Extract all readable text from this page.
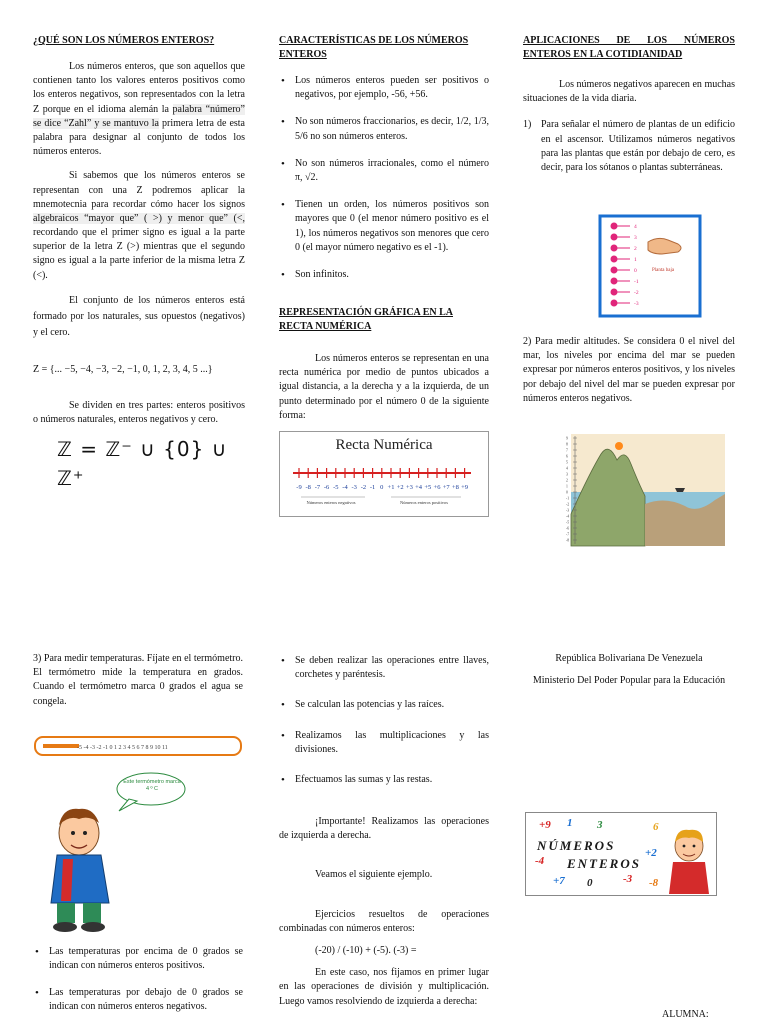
¿QUÉ SON LOS NÚMEROS ENTEROS?

Los números enteros, que son aquellos que contienen tanto los valores enteros positivos como los enteros negativos, son representados con la letra Z porque en el idioma alemán la palabra “número” se dice “Zahl” y se mantuvo la primera letra de esta palabra para designar al conjunto de todos los números enteros.

Si sabemos que los números enteros se representan con una Z podremos aplicar la mnemotecnia para recordar cómo hacer los signos algebraicos “mayor que” ( >) y menor que” (<, recordando que el primer signo es igual a la parte superior de la letra Z (>) mientras que el segundo signo es igual a la parte inferior de la misma letra Z (<).

El conjunto de los números enteros está formado por los naturales, sus opuestos (negativos) y el cero.

Z = {... −5, −4, −3, −2, −1, 0, 1, 2, 3, 4, 5 ...}

Se dividen en tres partes: enteros positivos o números naturales, enteros negativos y cero.

ℤ = ℤ⁻ ∪ {0} ∪ ℤ⁺
CARACTERÍSTICAS DE LOS NÚMEROS ENTEROS
• Los números enteros pueden ser positivos o negativos, por ejemplo, -56, +56.
• No son números fraccionarios, es decir, 1/2, 1/3, 5/6 no son números enteros.
• No son números irracionales, como el número π, √2.
• Tienen un orden, los números positivos son mayores que 0 (el menor número positivo es el 1), los números negativos son menores que cero 0 (el mayor número negativo es el -1).
• Son infinitos.
REPRESENTACIÓN GRÁFICA EN LA RECTA NUMÉRICA

Los números enteros se representan en una recta numérica por medio de puntos ubicados a igual distancia, a la derecha y a la izquierda, de un punto determinado por el número 0 de la siguiente forma:

Recta Numérica
-9 -8 -7 -6 -5 -4 -3 -2 -1 0 +1 +2 +3 +4 +5 +6 +7 +8 +9
Números enteros negativos	Números enteros positivos
APLICACIONES DE LOS NÚMEROS ENTEROS EN LA COTIDIANIDAD

Los números negativos aparecen en muchas situaciones de la vida diaria.

1) Para señalar el número de plantas de un edificio en el ascensor. Utilizamos números negativos para las plantas que están por debajo de cero, es decir, para los sótanos o plantas subterráneas.

4
3
2
1
0
-1
-2
-3
Planta baja

2) Para medir altitudes. Se considera 0 el nivel del mar, los niveles por encima del mar se pueden expresar por números enteros positivos, y los niveles por debajo del nivel del mar se pueden expresar por números enteros negativos.

9
8
7
6
5
4
3
2
1
0
-1
-2
-3
-4
-5
-6
-7
-8

3) Para medir temperaturas. Fíjate en el termómetro. El termómetro mide la temperatura en grados. Cuando el termómetro marca 0 grados el agua se congela.

-5 -4 -3 -2 -1 0 1 2 3 4 5 6 7 8 9 10 11
Este termómetro marca 4 º C
• Las temperaturas por encima de 0 grados se indican con números enteros positivos.
• Las temperaturas por debajo de 0 grados se indican con números enteros negativos.
• Se deben realizar las operaciones entre llaves, corchetes y paréntesis.
• Se calculan las potencias y las raíces.
• Realizamos las multiplicaciones y las divisiones.
• Efectuamos las sumas y las restas.

¡Importante! Realizamos las operaciones de izquierda a derecha.

Veamos el siguiente ejemplo.

Ejercicios resueltos de operaciones combinadas con números enteros:

(-20) / (-10) + (-5). (-3) =

En este caso, nos fijamos en primer lugar en las operaciones de división y multiplicación. Luego vamos resolviendo de izquierda a derecha:

República Bolivariana De Venezuela

Ministerio Del Poder Popular para la Educación

+9 1 3	6
+2
-4
+7 0	-3 -8
NÚMEROS
ENTEROS
ALUMNA:
